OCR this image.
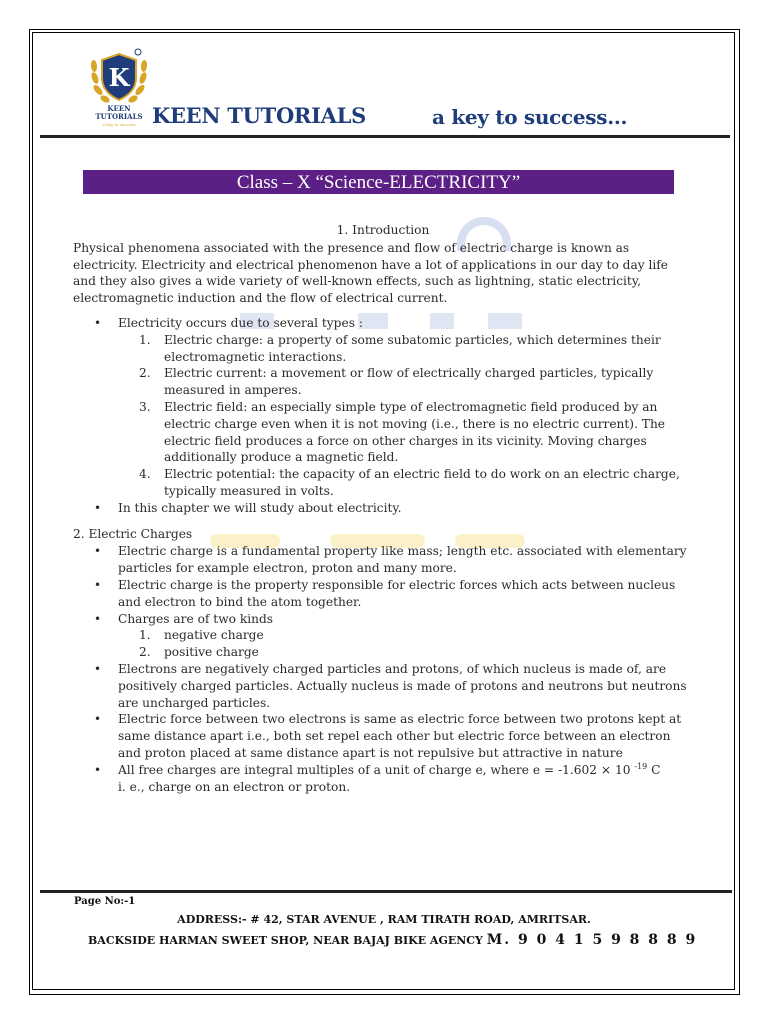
K
KEEN
TUTORIALS
a key to success KEEN TUTORIALS	a key to success...
Class – X “Science-ELECTRICITY”

1. Introduction

Physical phenomena associated with the presence and flow of electric charge is known as electricity. Electricity and electrical phenomenon have a lot of applications in our day to day life and they also gives a wide variety of well-known effects, such as lightning, static electricity, electromagnetic induction and the flow of electrical current.

• Electricity occurs due to several types :
1. Electric charge: a property of some subatomic particles, which determines their electromagnetic interactions.
2. Electric current: a movement or flow of electrically charged particles, typically measured in amperes.
3. Electric field: an especially simple type of electromagnetic field produced by an electric charge even when it is not moving (i.e., there is no electric current). The electric field produces a force on other charges in its vicinity. Moving charges additionally produce a magnetic field.
4. Electric potential: the capacity of an electric field to do work on an electric charge, typically measured in volts.
• In this chapter we will study about electricity.

2. Electric Charges

• Electric charge is a fundamental property like mass; length etc. associated with elementary particles for example electron, proton and many more.
• Electric charge is the property responsible for electric forces which acts between nucleus and electron to bind the atom together.
• Charges are of two kinds
1. negative charge
2. positive charge
• Electrons are negatively charged particles and protons, of which nucleus is made of, are positively charged particles. Actually nucleus is made of protons and neutrons but neutrons are uncharged particles.
• Electric force between two electrons is same as electric force between two protons kept at same distance apart i.e., both set repel each other but electric force between an electron and proton placed at same distance apart is not repulsive but attractive in nature
• All free charges are integral multiples of a unit of charge e, where e = -1.602 × 10 $^{-19}$ C
i. e., charge on an electron or proton.
Page No:-1
ADDRESS:- # 42, STAR AVENUE , RAM TIRATH ROAD, AMRITSAR.
BACKSIDE HARMAN SWEET SHOP, NEAR BAJAJ BIKE AGENCY M. 9 0 4 1 5 9 8 8 8 9
